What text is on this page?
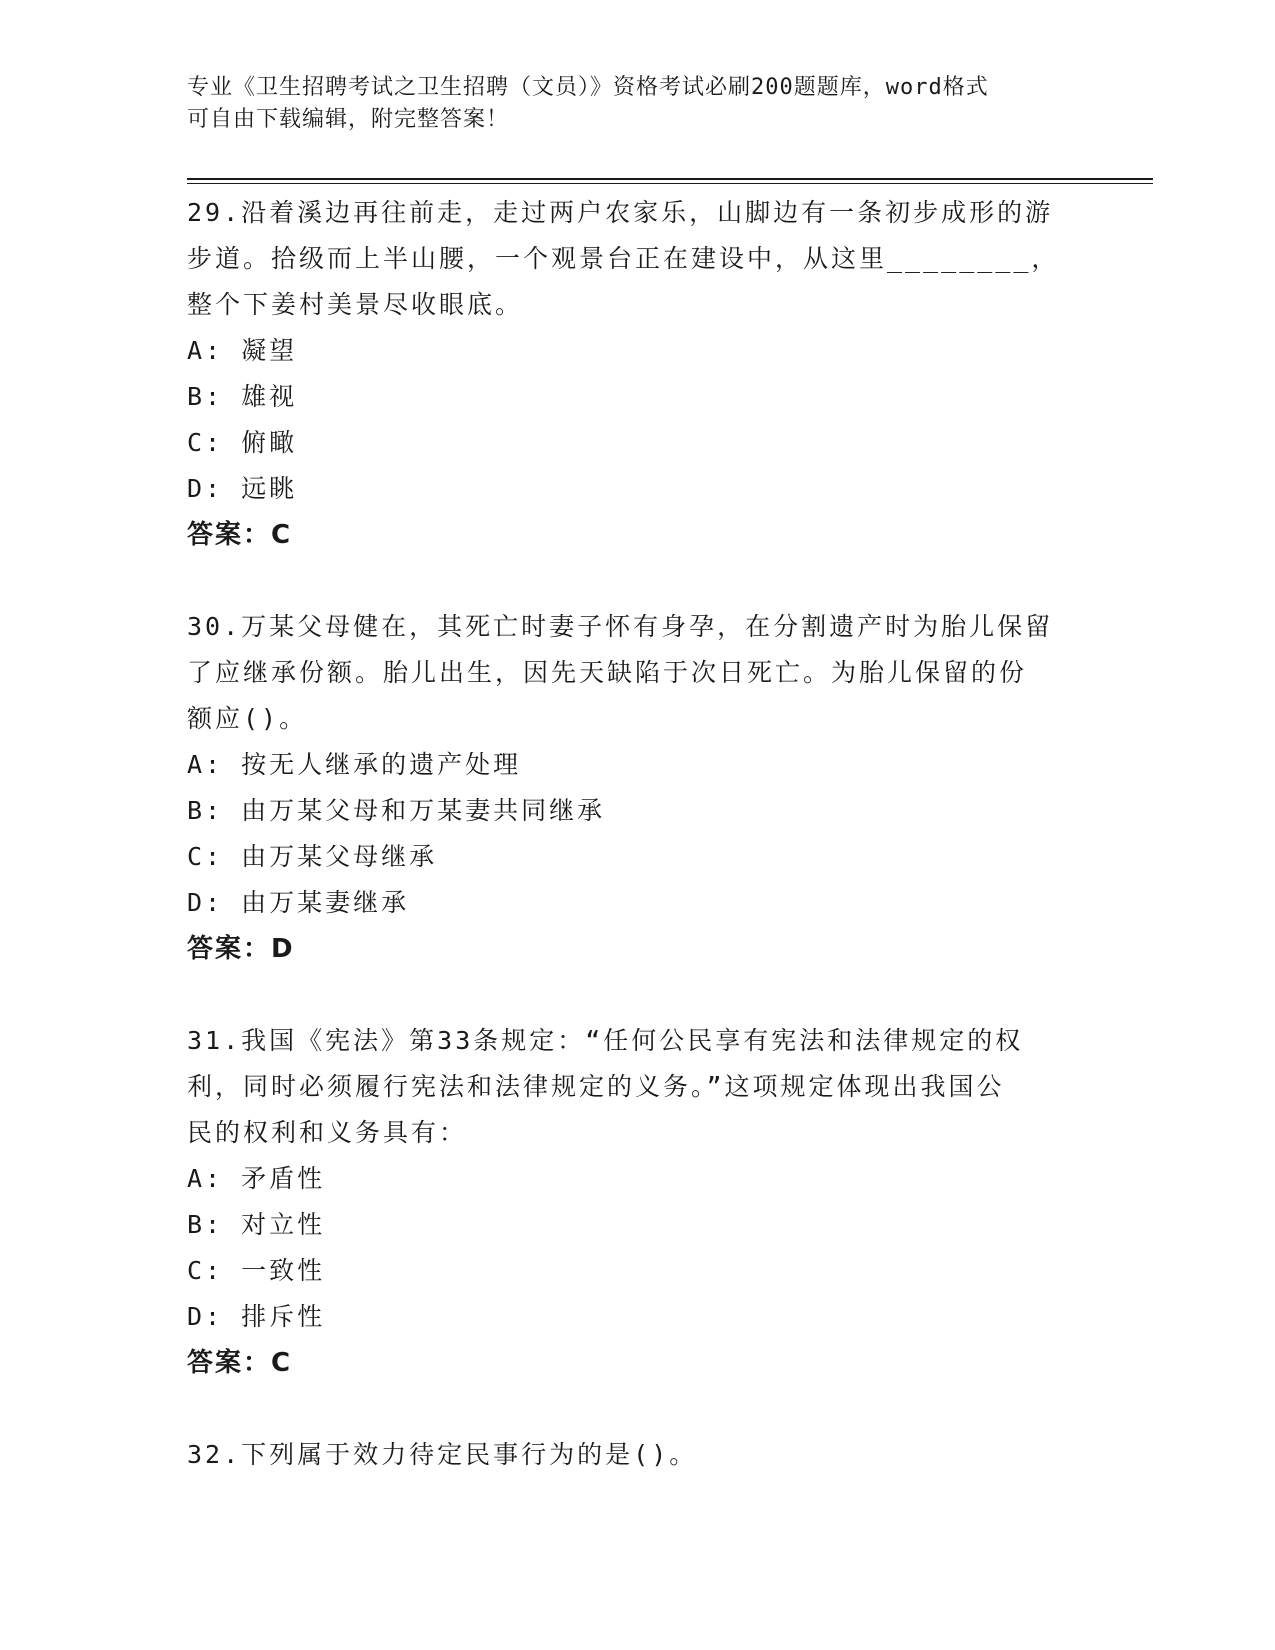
专业《卫生招聘考试之卫生招聘（文员）》资格考试必刷200题题库，word格式
可自由下载编辑，附完整答案！

29.沿着溪边再往前走，走过两户农家乐，山脚边有一条初步成形的游

步道。拾级而上半山腰，一个观景台正在建设中，从这里________，

整个下姜村美景尽收眼底。

A: 凝望

B: 雄视

C: 俯瞰

D: 远眺

答案：C

30.万某父母健在，其死亡时妻子怀有身孕，在分割遗产时为胎儿保留

了应继承份额。胎儿出生，因先天缺陷于次日死亡。为胎儿保留的份

额应()。

A: 按无人继承的遗产处理

B: 由万某父母和万某妻共同继承

C: 由万某父母继承

D: 由万某妻继承

答案：D

31.我国《宪法》第33条规定：“任何公民享有宪法和法律规定的权

利，同时必须履行宪法和法律规定的义务。”这项规定体现出我国公

民的权利和义务具有：

A: 矛盾性

B: 对立性

C: 一致性

D: 排斥性

答案：C

32.下列属于效力待定民事行为的是()。
